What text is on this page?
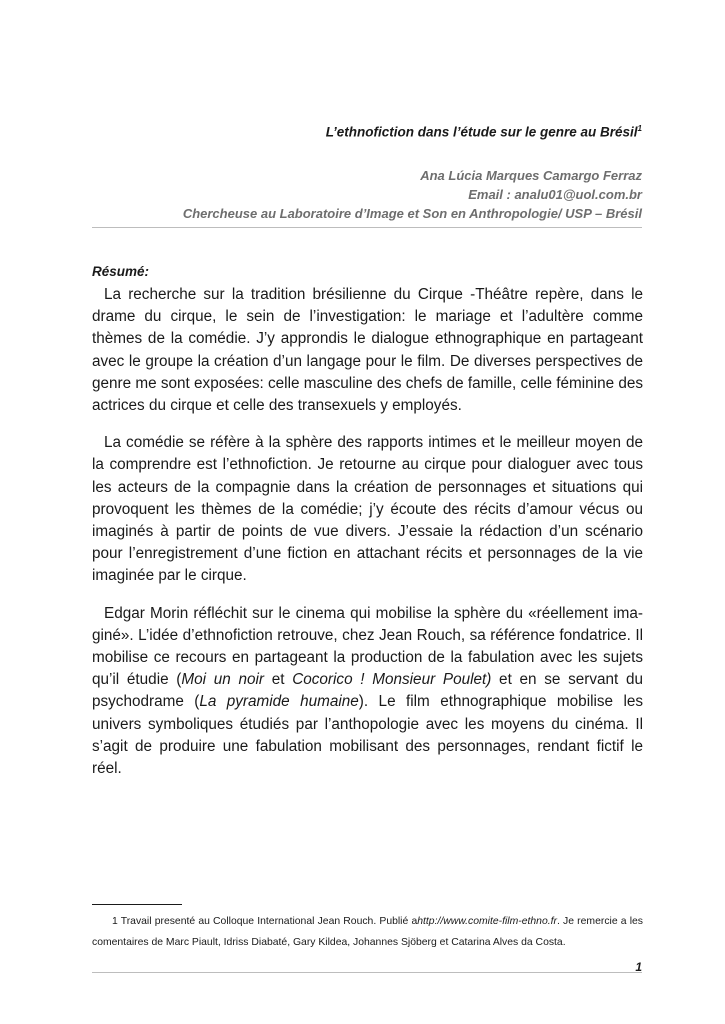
L’ethnofiction dans l’étude sur le genre au Brésil$^1$
Ana Lúcia Marques Camargo Ferraz
Email : analu01@uol.com.br
Chercheuse au Laboratoire d’Image et Son en Anthropologie/ USP – Brésil
Résumé:

La recherche sur la tradition brésilienne du Cirque -Théâtre repère, dans le drame du cirque, le sein de l’investigation: le mariage et l’adultère comme thèmes de la comédie. J’y approndis le dialogue ethnographique en partageant avec le groupe la création d’un langage pour le film. De diverses perspectives de genre me sont exposées: celle masculine des chefs de famille, celle féminine des actrices du cirque et celle des transexuels y employés.

La comédie se réfère à la sphère des rapports intimes et le meilleur moyen de la comprendre est l’ethnofiction. Je retourne au cirque pour dialoguer avec tous les acteurs de la compagnie dans la création de personnages et situations qui provoquent les thèmes de la comédie; j’y écoute des récits d’amour vécus ou imaginés à partir de points de vue divers. J’essaie la rédaction d’un scénario pour l’enregistrement d’une fiction en attachant récits et personnages de la vie imaginée par le cirque.

Edgar Morin réfléchit sur le cinema qui mobilise la sphère du «réellement imaginé». L’idée d’ethnofiction retrouve, chez Jean Rouch, sa référence fondatrice. Il mobilise ce recours en partageant la production de la fabulation avec les sujets qu’il étudie (Moi un noir et Cocorico ! Monsieur Poulet) et en se servant du psychodrame (La pyramide humaine). Le film ethnographique mobilise les univers symboliques étudiés par l’anthopologie avec les moyens du cinéma. Il s’agit de produire une fabulation mobilisant des personnages, rendant fictif le réel.

1 Travail presenté au Colloque International Jean Rouch. Publié ahttp://www.comite-film-ethno.fr. Je remercie a les comentaires de Marc Piault, Idriss Diabaté, Gary Kildea, Johannes Sjöberg et Catarina Alves da Costa.

1
